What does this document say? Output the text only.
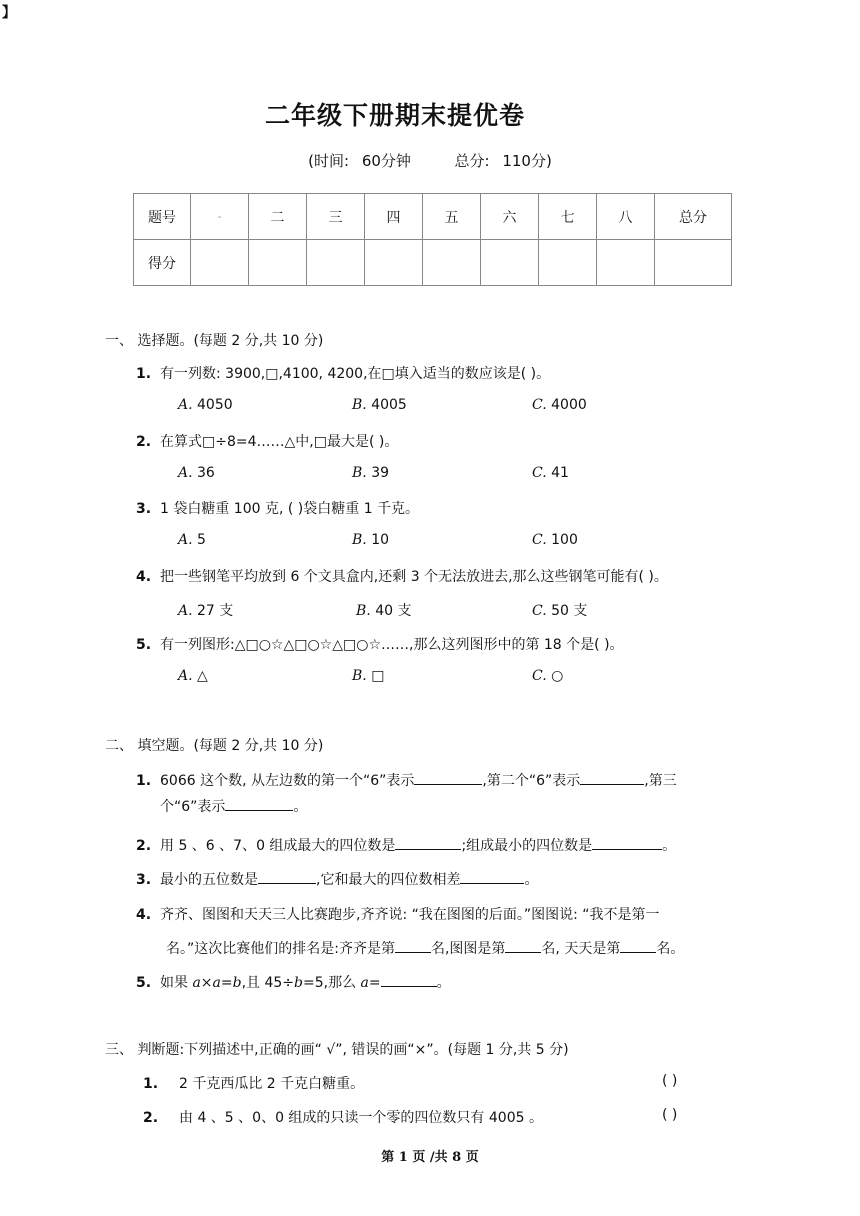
】
二年级下册期末提优卷
(时间: 60分钟	总分: 110分)
题号	-	二	三	四	五	六	七	八	总分
得分									
一、 选择题。(每题 2 分,共 10 分)
1. 有一列数: 3900,□,4100, 4200,在□填入适当的数应该是( )。
A. 4050	B. 4005	C. 4000
2. 在算式□÷8=4……△中,□最大是( )。
A. 36	B. 39	C. 41
3. 1 袋白糖重 100 克, ( )袋白糖重 1 千克。
A. 5	B. 10	C. 100
4. 把一些钢笔平均放到 6 个文具盒内,还剩 3 个无法放进去,那么这些钢笔可能有( )。
A. 27 支	B. 40 支	C. 50 支
5. 有一列图形:△□○☆△□○☆△□○☆……,那么这列图形中的第 18 个是( )。
A. △	B. □	C. ○
二、 填空题。(每题 2 分,共 10 分)
1. 6066 这个数, 从左边数的第一个“6”表示	,第二个“6”表示	,第三
个“6”表示	。
2. 用 5 、6 、7、0 组成最大的四位数是	;组成最小的四位数是	。
3. 最小的五位数是	,它和最大的四位数相差	。
4. 齐齐、图图和天天三人比赛跑步,齐齐说: “我在图图的后面。”图图说: “我不是第一
名。”这次比赛他们的排名是:齐齐是第	名,图图是第	名, 天天是第	名。
5. 如果 a×a=b,且 45÷b=5,那么 a=	。
三、 判断题:下列描述中,正确的画“ √”, 错误的画“×”。(每题 1 分,共 5 分)
1. 2 千克西瓜比 2 千克白糖重。	( )
2. 由 4 、5 、0、0 组成的只读一个零的四位数只有 4005 。	( )
第 1 页 /共 8 页
